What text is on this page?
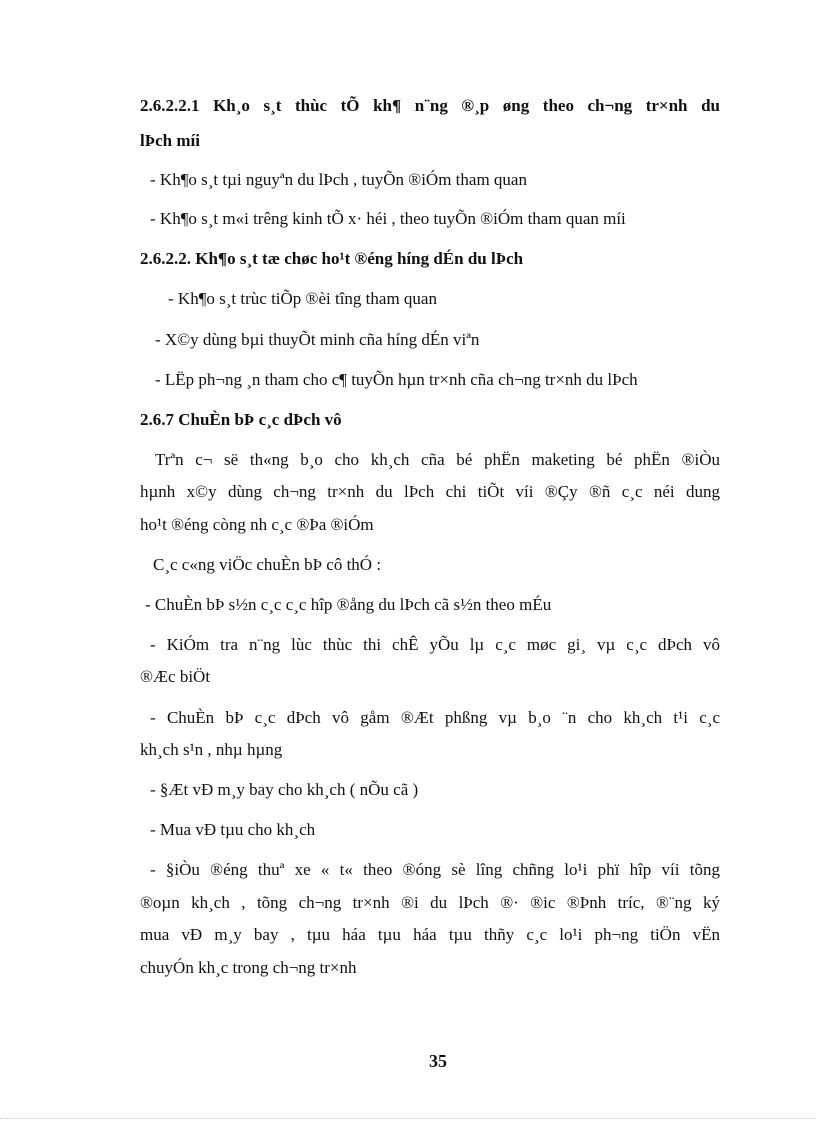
2.6.2.2.1 Kh¸o s¸t thùc tÕ kh¶ n¨ng ®¸p øng theo ch¬ng tr×nh du
lÞch míi
- Kh¶o s¸t tµi nguyªn du lÞch , tuyÕn ®iÓm tham quan
- Kh¶o s¸t m«i trêng kinh tÕ x· héi , theo tuyÕn ®iÓm tham quan míi
2.6.2.2. Kh¶o s¸t tæ chøc ho¹t ®éng híng dÉn du lÞch
- Kh¶o s¸t trùc tiÕp ®èi tîng tham quan
- X©y dùng bµi thuyÕt minh cña híng dÉn viªn
- LËp ph¬ng ¸n tham cho c¶ tuyÕn hµn tr×nh cña ch¬ng tr×nh du lÞch
2.6.7 ChuÈn bÞ c¸c dÞch vô
Trªn c¬ së th«ng b¸o cho kh¸ch cña bé phËn maketing bé phËn ®iÒu
hµnh x©y dùng ch¬ng tr×nh du lÞch chi tiÕt víi ®Çy ®ñ c¸c néi dung
ho¹t ®éng còng nh c¸c ®Þa ®iÓm
C¸c c«ng viÖc chuÈn bÞ cô thÓ :
- ChuÈn bÞ s½n c¸c c¸c hîp ®ång du lÞch cã s½n theo mÉu
- KiÓm tra n¨ng lùc thùc thi chÊ yÕu lµ c¸c møc gi¸ vµ c¸c dÞch vô
®Æc biÖt
- ChuÈn bÞ c¸c dÞch vô gåm ®Æt phßng vµ b¸o ¨n cho kh¸ch t¹i c¸c
kh¸ch s¹n , nhµ hµng
- §Æt vÐ m¸y bay cho kh¸ch ( nÕu cã )
- Mua vÐ tµu cho kh¸ch
- §iÒu ®éng thuª xe « t« theo ®óng sè lîng chñng lo¹i phï hîp víi tõng
®oµn kh¸ch , tõng ch¬ng tr×nh ®i du lÞch ®· ®ic ®Þnh tríc, ®¨ng ký
mua vÐ m¸y bay , tµu háa tµu háa tµu thñy c¸c lo¹i ph¬ng tiÖn vËn
chuyÓn kh¸c trong ch¬ng tr×nh
35
